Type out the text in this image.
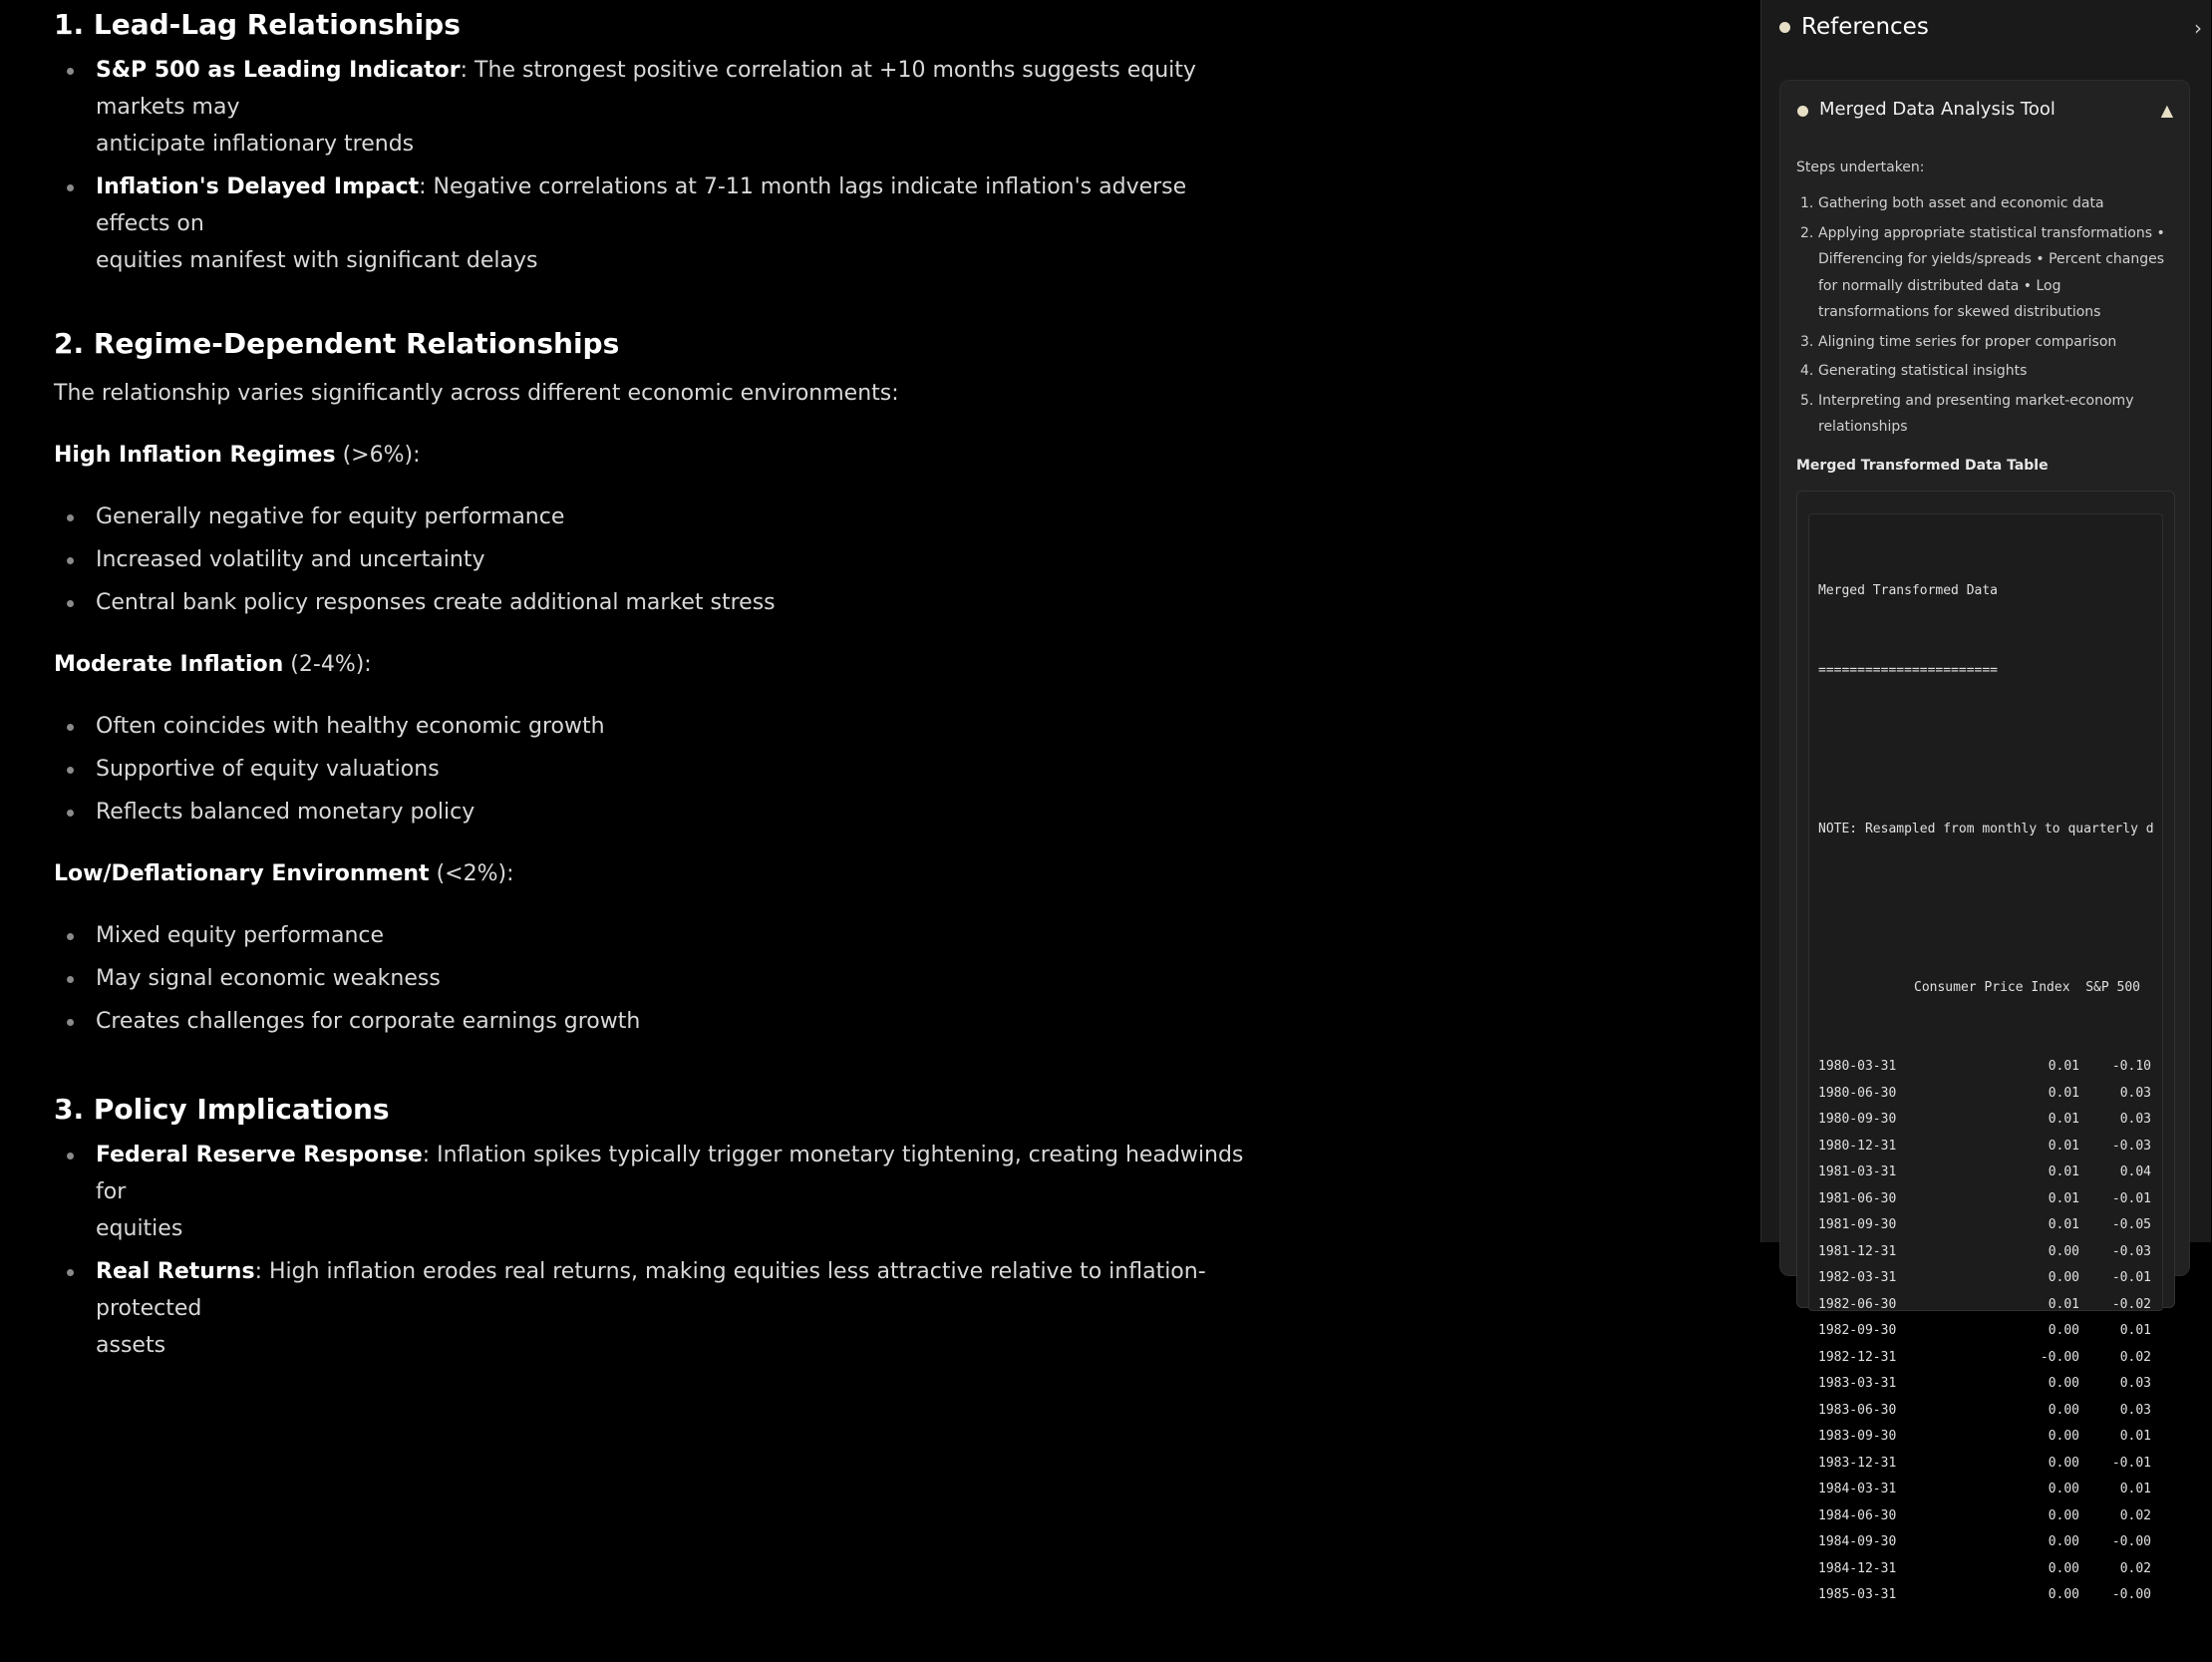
1. Lead-Lag Relationships
S&P 500 as Leading Indicator: The strongest positive correlation at +10 months suggests equity markets may
anticipate inflationary trends
Inflation's Delayed Impact: Negative correlations at 7-11 month lags indicate inflation's adverse effects on
equities manifest with significant delays
2. Regime-Dependent Relationships

The relationship varies significantly across different economic environments:

High Inflation Regimes (>6%):
Generally negative for equity performance
Increased volatility and uncertainty
Central bank policy responses create additional market stress
Moderate Inflation (2-4%):
Often coincides with healthy economic growth
Supportive of equity valuations
Reflects balanced monetary policy
Low/Deflationary Environment (<2%):
Mixed equity performance
May signal economic weakness
Creates challenges for corporate earnings growth
3. Policy Implications
Federal Reserve Response: Inflation spikes typically trigger monetary tightening, creating headwinds for
equities
Real Returns: High inflation erodes real returns, making equities less attractive relative to inflation-protected
assets
References	›
Merged Data Analysis Tool	▲
Steps undertaken:
Gathering both asset and economic data
Applying appropriate statistical transformations •
Differencing for yields/spreads • Percent changes
for normally distributed data • Log
transformations for skewed distributions
Aligning time series for proper comparison
Generating statistical insights
Interpreting and presenting market-economy
relationships
Merged Transformed Data Table

Merged Transformed Data

=======================

NOTE: Resampled from monthly to quarterly d

Consumer Price Index S&P 500

1980-03-31	0.01	-0.10
1980-06-30	0.01	0.03
1980-09-30	0.01	0.03
1980-12-31	0.01	-0.03
1981-03-31	0.01	0.04
1981-06-30	0.01	-0.01
1981-09-30	0.01	-0.05
1981-12-31	0.00	-0.03
1982-03-31	0.00	-0.01
1982-06-30	0.01	-0.02
1982-09-30	0.00	0.01
1982-12-31	-0.00	0.02
1983-03-31	0.00	0.03
1983-06-30	0.00	0.03
1983-09-30	0.00	0.01
1983-12-31	0.00	-0.01
1984-03-31	0.00	0.01
1984-06-30	0.00	0.02
1984-09-30	0.00	-0.00
1984-12-31	0.00	0.02
1985-03-31	0.00	-0.00
